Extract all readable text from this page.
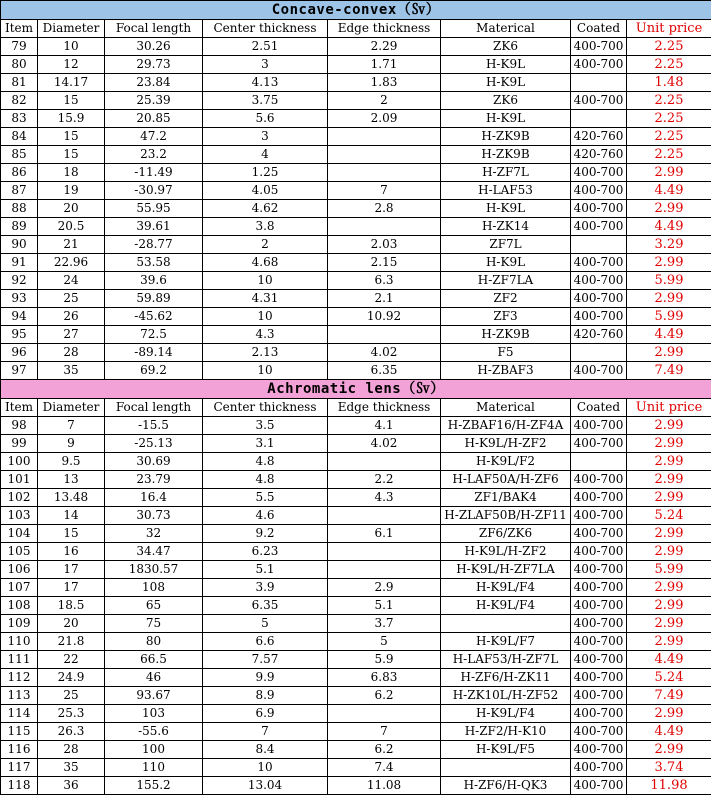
Concave-convex（㏜）							
Item	Diameter	Focal length	Center thickness	Edge thickness	Materical	Coated	Unit price
79	10	30.26	2.51	2.29	ZK6	400-700	2.25
80	12	29.73	3	1.71	H-K9L	400-700	2.25
81	14.17	23.84	4.13	1.83	H-K9L		1.48
82	15	25.39	3.75	2	ZK6	400-700	2.25
83	15.9	20.85	5.6	2.09	H-K9L		2.25
84	15	47.2	3		H-ZK9B	420-760	2.25
85	15	23.2	4		H-ZK9B	420-760	2.25
86	18	-11.49	1.25		H-ZF7L	400-700	2.99
87	19	-30.97	4.05	7	H-LAF53	400-700	4.49
88	20	55.95	4.62	2.8	H-K9L	400-700	2.99
89	20.5	39.61	3.8		H-ZK14	400-700	4.49
90	21	-28.77	2	2.03	ZF7L		3.29
91	22.96	53.58	4.68	2.15	H-K9L	400-700	2.99
92	24	39.6	10	6.3	H-ZF7LA	400-700	5.99
93	25	59.89	4.31	2.1	ZF2	400-700	2.99
94	26	-45.62	10	10.92	ZF3	400-700	5.99
95	27	72.5	4.3		H-ZK9B	420-760	4.49
96	28	-89.14	2.13	4.02	F5		2.99
97	35	69.2	10	6.35	H-ZBAF3	400-700	7.49
Achromatic lens（㏜）							
Item	Diameter	Focal length	Center thickness	Edge thickness	Materical	Coated	Unit price
98	7	-15.5	3.5	4.1	H-ZBAF16/H-ZF4A	400-700	2.99
99	9	-25.13	3.1	4.02	H-K9L/H-ZF2	400-700	2.99
100	9.5	30.69	4.8		H-K9L/F2		2.99
101	13	23.79	4.8	2.2	H-LAF50A/H-ZF6	400-700	2.99
102	13.48	16.4	5.5	4.3	ZF1/BAK4	400-700	2.99
103	14	30.73	4.6		H-ZLAF50B/H-ZF11	400-700	5.24
104	15	32	9.2	6.1	ZF6/ZK6	400-700	2.99
105	16	34.47	6.23		H-K9L/H-ZF2	400-700	2.99
106	17	1830.57	5.1		H-K9L/H-ZF7LA	400-700	5.99
107	17	108	3.9	2.9	H-K9L/F4	400-700	2.99
108	18.5	65	6.35	5.1	H-K9L/F4	400-700	2.99
109	20	75	5	3.7		400-700	2.99
110	21.8	80	6.6	5	H-K9L/F7	400-700	2.99
111	22	66.5	7.57	5.9	H-LAF53/H-ZF7L	400-700	4.49
112	24.9	46	9.9	6.83	H-ZF6/H-ZK11	400-700	5.24
113	25	93.67	8.9	6.2	H-ZK10L/H-ZF52	400-700	7.49
114	25.3	103	6.9		H-K9L/F4	400-700	2.99
115	26.3	-55.6	7	7	H-ZF2/H-K10	400-700	4.49
116	28	100	8.4	6.2	H-K9L/F5	400-700	2.99
117	35	110	10	7.4		400-700	3.74
118	36	155.2	13.04	11.08	H-ZF6/H-QK3	400-700	11.98
